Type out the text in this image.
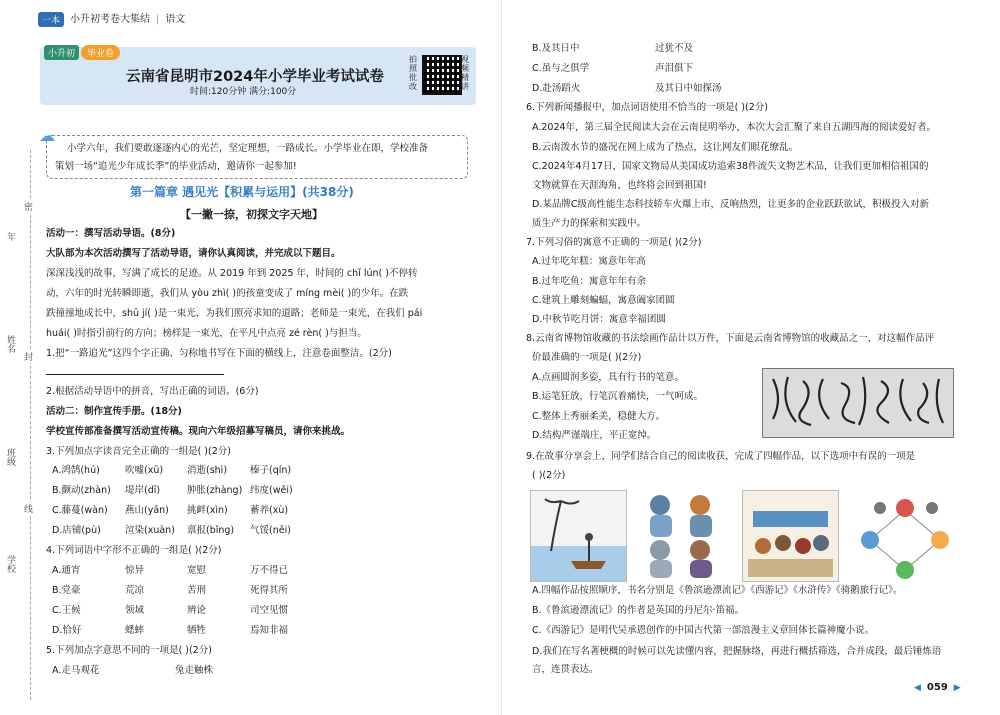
一本	小升初考卷大集结 | 语文
学校
班级
姓名
年
密
封
线
小升初	毕业卷
云南省昆明市2024年小学毕业考试试卷
时间:120分钟 满分:100分
拍照批改
视频精讲
☁
小学六年，我们要敢逐逐内心的光芒，坚定理想，一路成长。小学毕业在即，学校准备
策划一场“追光少年成长季”的毕业活动，邀请你一起参加!
第一篇章 遇见光【积累与运用】(共38分)
【一撇一捺，初探文字天地】
活动一：撰写活动导语。(8分)
大队部为本次活动撰写了活动导语，请你认真阅读，并完成以下题目。
深深浅浅的故事，写满了成长的足迹。从 2019 年到 2025 年，时间的 chǐ lún( )不停转
动，六年的时光转瞬即逝，我们从 yòu zhì( )的孩童变成了 míng mèi( )的少年。在跌
跌撞撞地成长中，shū jí( )是一束光，为我们照亮求知的道路；老师是一束光，在我们 pái
huái( )时指引前行的方向；榜样是一束光，在平凡中点亮 zé rèn( )与担当。
1.把“一路追光”这四个字正确、匀称地书写在下面的横线上，注意卷面整洁。(2分)
2.根据活动导语中的拼音，写出正确的词语。(6分)
活动二：制作宣传手册。(18分)
学校宣传部准备撰写活动宣传稿。现向六年级招募写稿员，请你来挑战。
3.下列加点字读音完全正确的一组是( )(2分)
A.鸿鹄(hú)	吹嘘(xū)	消逝(shì) 榛子(qín)
B.颤动(zhàn) 堤岸(dī)	肿胀(zhàng) 纬度(wěi)
C.藤蔓(wàn) 燕山(yān) 挑衅(xìn) 蓄养(xù)
D.店铺(pù)	渲染(xuàn) 禀报(bǐng) 气馁(něi)
4.下列词语中字形不正确的一组是( )(2分)
A.通宵	惊异	宽慰	万不得已
B.党豪	荒凉	苦刑	死得其所
C.王候	领域	辨论	司空见惯
D.恰好	蟋蟀	牺牲	焉知非福
5.下列加点字意思不同的一项是( )(2分)
A.走马观花	兔走触株
B.及其日中	过犹不及
C.虽与之俱学	声泪俱下
D.赴汤蹈火	及其日中如探汤
6.下列新闻播报中，加点词语使用不恰当的一项是( )(2分)
A.2024年，第三届全民阅读大会在云南昆明举办，本次大会汇聚了来自五湖四海的阅读爱好者。
B.云南泼水节的盛况在网上成为了热点，这让网友们眼花缭乱。
C.2024年4月17日，国家文物局从美国成功追索38件流失文物艺术品，让我们更加相信祖国的
文物就算在天涯海角，也终将会回到祖国!
D.某品牌C级高性能生态科技轿车火爆上市，反响热烈，让更多的企业跃跃欲试，积极投入对新
质生产力的探索和实践中。
7.下列习俗的寓意不正确的一项是( )(2分)
A.过年吃年糕：寓意年年高
B.过年吃鱼：寓意年年有余
C.建筑上雕刻蝙蝠，寓意阖家团圆
D.中秋节吃月饼：寓意幸福团圆
8.云南省博物馆收藏的书法绘画作品计以万件，下面是云南省博物馆的收藏品之一，对这幅作品评
价最准确的一项是( )(2分)
A.点画圆润多姿，具有行书的笔意。
B.运笔狂放，行笔沉着痛快，一气呵成。
C.整体上秀丽柔美，稳健大方。
D.结构严谨端庄，平正宽绰。
9.在故事分享会上，同学们结合自己的阅读收获，完成了四幅作品，以下选项中有误的一项是
( )(2分)
A.四幅作品按照顺序，书名分别是《鲁滨逊漂流记》《西游记》《水浒传》《骑鹅旅行记》。
B.《鲁滨逊漂流记》的作者是英国的丹尼尔·笛福。
C.《西游记》是明代吴承恩创作的中国古代第一部浪漫主义章回体长篇神魔小说。
D.我们在写名著梗概的时候可以先读懂内容，把握脉络，再进行概括筛选，合并成段，最后锤炼语
言，连贯表达。
◀ 059 ▶
